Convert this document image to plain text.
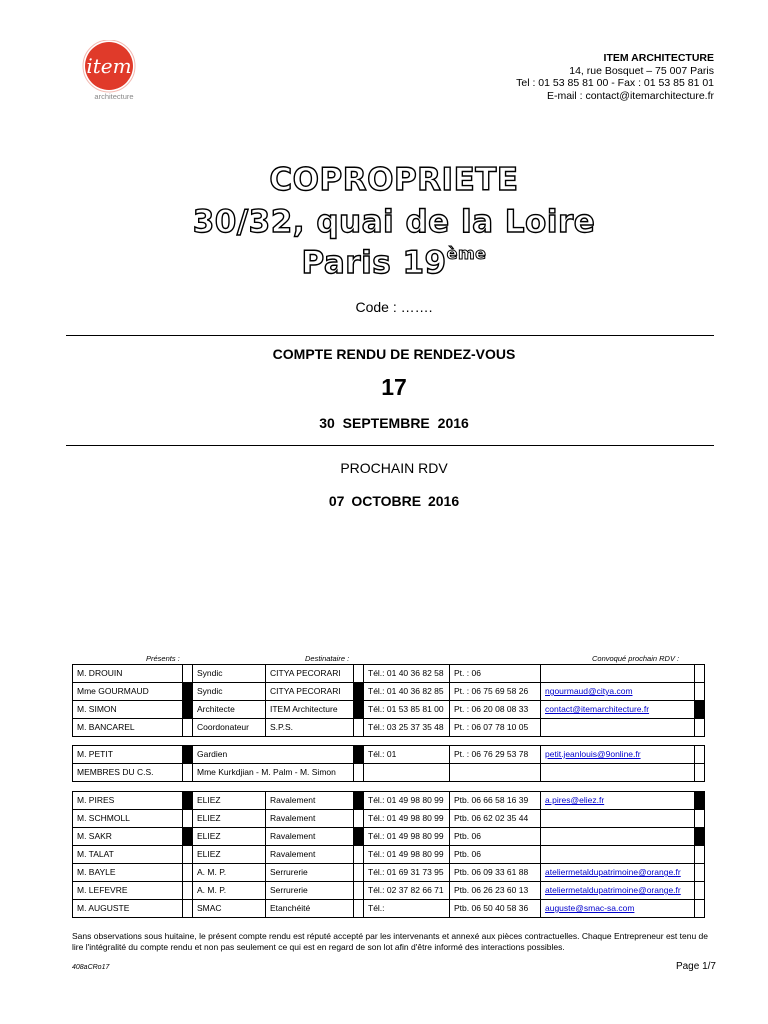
item
architecture
ITEM ARCHITECTURE
14, rue Bosquet – 75 007 Paris
Tel : 01 53 85 81 00 - Fax : 01 53 85 81 01
E-mail : contact@itemarchitecture.fr
COPROPRIETE
30/32, quai de la Loire
Paris 19ème
Code : …….
COMPTE RENDU DE RENDEZ-VOUS
17
30 SEPTEMBRE 2016
PROCHAIN RDV
07 OCTOBRE 2016
Présents :	Destinataire :	Convoqué prochain RDV :
M. DROUIN		Syndic	CITYA PECORARI		Tél.: 01 40 36 82 58	Pt. : 06		
Mme GOURMAUD		Syndic	CITYA PECORARI		Tél.: 01 40 36 82 85	Pt. : 06 75 69 58 26	ngourmaud@citya.com	
M. SIMON		Architecte	ITEM Architecture		Tél.: 01 53 85 81 00	Pt. : 06 20 08 08 33	contact@itemarchitecture.fr	
M. BANCAREL		Coordonateur	S.P.S.		Tél.: 03 25 37 35 48	Pt. : 06 07 78 10 05		
M. PETIT		Gardien		Tél.: 01	Pt. : 06 76 29 53 78	petit.jeanlouis@9online.fr	
MEMBRES DU C.S.		Mme Kurkdjian - M. Palm - M. Simon					
M. PIRES		ELIEZ	Ravalement		Tél.: 01 49 98 80 99	Ptb. 06 66 58 16 39	a.pires@eliez.fr	
M. SCHMOLL		ELIEZ	Ravalement		Tél.: 01 49 98 80 99	Ptb. 06 62 02 35 44		
M. SAKR		ELIEZ	Ravalement		Tél.: 01 49 98 80 99	Ptb. 06		
M. TALAT		ELIEZ	Ravalement		Tél.: 01 49 98 80 99	Ptb. 06		
M. BAYLE		A. M. P.	Serrurerie		Tél.: 01 69 31 73 95	Ptb. 06 09 33 61 88	ateliermetaldupatrimoine@orange.fr	
M. LEFEVRE		A. M. P.	Serrurerie		Tél.: 02 37 82 66 71	Ptb. 06 26 23 60 13	ateliermetaldupatrimoine@orange.fr	
M. AUGUSTE		SMAC	Etanchéité		Tél.:	Ptb. 06 50 40 58 36	auguste@smac-sa.com	
Sans observations sous huitaine, le présent compte rendu est réputé accepté par les intervenants et annexé aux pièces contractuelles. Chaque Entrepreneur est tenu de lire l'intégralité du compte rendu et non pas seulement ce qui est en regard de son lot afin d'être informé des interactions possibles.
408aCRo17	Page 1/7
